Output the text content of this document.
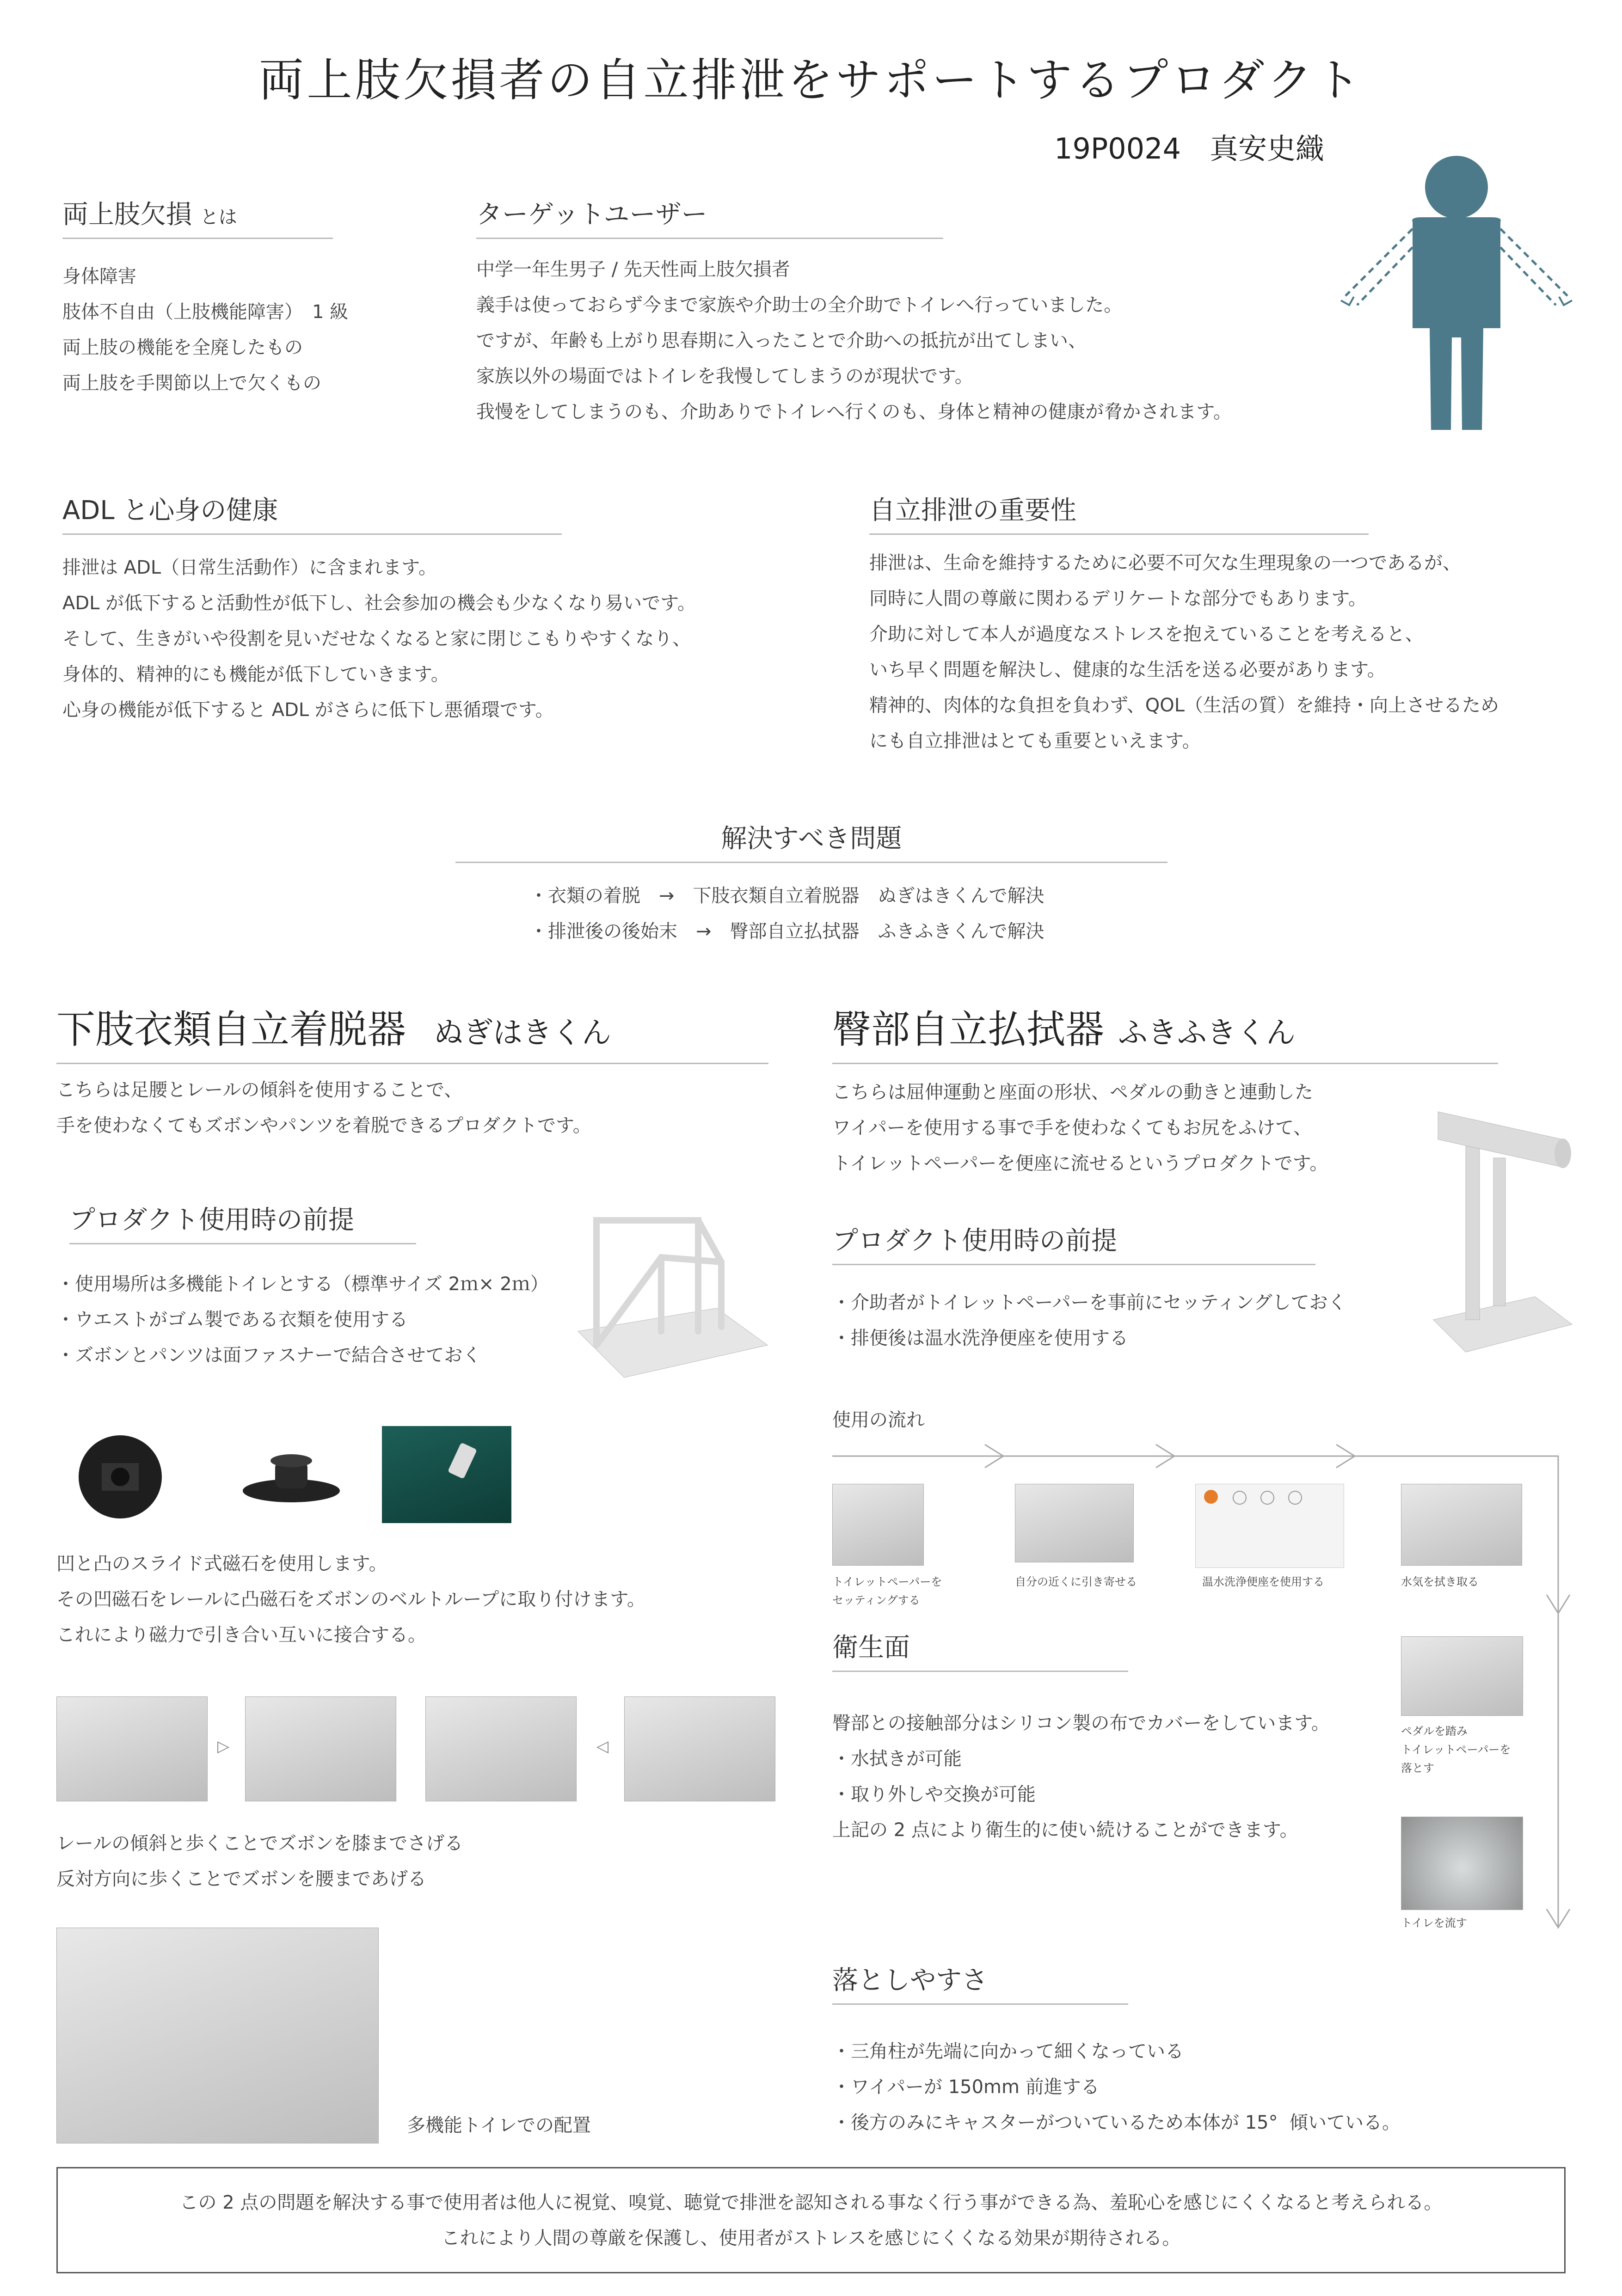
両上肢欠損者の自立排泄をサポートするプロダクト
19P0024　真安史織
両上肢欠損 とは
身体障害
肢体不自由（上肢機能障害）　1 級
両上肢の機能を全廃したもの
両上肢を手関節以上で欠くもの
ターゲットユーザー
中学一年生男子 / 先天性両上肢欠損者
義手は使っておらず今まで家族や介助士の全介助でトイレへ行っていました。
ですが、年齢も上がり思春期に入ったことで介助への抵抗が出てしまい、
家族以外の場面ではトイレを我慢してしまうのが現状です。
我慢をしてしまうのも、介助ありでトイレへ行くのも、身体と精神の健康が脅かされます。
ADL と心身の健康
排泄は ADL（日常生活動作）に含まれます。
ADL が低下すると活動性が低下し、社会参加の機会も少なくなり易いです。
そして、生きがいや役割を見いだせなくなると家に閉じこもりやすくなり、
身体的、精神的にも機能が低下していきます。
心身の機能が低下すると ADL がさらに低下し悪循環です。
自立排泄の重要性
排泄は、生命を維持するために必要不可欠な生理現象の一つであるが、
同時に人間の尊厳に関わるデリケートな部分でもあります。
介助に対して本人が過度なストレスを抱えていることを考えると、
いち早く問題を解決し、健康的な生活を送る必要があります。
精神的、肉体的な負担を負わず、QOL（生活の質）を維持・向上させるため
にも自立排泄はとても重要といえます。
解決すべき問題
・衣類の着脱　→　下肢衣類自立着脱器　ぬぎはきくんで解決
・排泄後の後始末　→　臀部自立払拭器　ふきふきくんで解決
下肢衣類自立着脱器 ぬぎはきくん
こちらは足腰とレールの傾斜を使用することで、
手を使わなくてもズボンやパンツを着脱できるプロダクトです。
プロダクト使用時の前提
・使用場所は多機能トイレとする（標準サイズ 2ｍ× 2ｍ）
・ウエストがゴム製である衣類を使用する
・ズボンとパンツは面ファスナーで結合させておく
凹と凸のスライド式磁石を使用します。
その凹磁石をレールに凸磁石をズボンのベルトループに取り付けます。
これにより磁力で引き合い互いに接合する。
▷	◁
レールの傾斜と歩くことでズボンを膝までさげる
反対方向に歩くことでズボンを腰まであげる
多機能トイレでの配置
臀部自立払拭器 ふきふきくん
こちらは屈伸運動と座面の形状、ペダルの動きと連動した
ワイパーを使用する事で手を使わなくてもお尻をふけて、
トイレットペーパーを便座に流せるというプロダクトです。
プロダクト使用時の前提
・介助者がトイレットペーパーを事前にセッティングしておく
・排便後は温水洗浄便座を使用する
使用の流れ
トイレットペーパーを
セッティングする
自分の近くに引き寄せる	温水洗浄便座を使用する	水気を拭き取る
ペダルを踏み
トイレットペーパーを
落とす
トイレを流す
衛生面
臀部との接触部分はシリコン製の布でカバーをしています。
・水拭きが可能
・取り外しや交換が可能
上記の 2 点により衛生的に使い続けることができます。
落としやすさ
・三角柱が先端に向かって細くなっている
・ワイパーが 150mm 前進する
・後方のみにキャスターがついているため本体が 15°  傾いている。
この 2 点の問題を解決する事で使用者は他人に視覚、嗅覚、聴覚で排泄を認知される事なく行う事ができる為、羞恥心を感じにくくなると考えられる。
これにより人間の尊厳を保護し、使用者がストレスを感じにくくなる効果が期待される。
